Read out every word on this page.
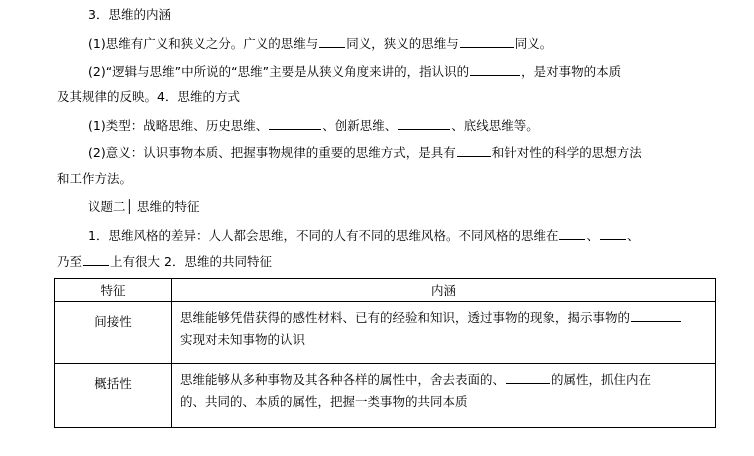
3．思维的内涵
(1)思维有广义和狭义之分。广义的思维与 同义，狭义的思维与	同义。
(2)“逻辑与思维”中所说的“思维”主要是从狭义角度来讲的，指认识的	，是对事物的本质
及其规律的反映。4．思维的方式
(1)类型：战略思维、历史思维、	、创新思维、	、底线思维等。
(2)意义：认识事物本质、把握事物规律的重要的思维方式，是具有	和针对性的科学的思想方法
和工作方法。
议题二│ 思维的特征
1．思维风格的差异：人人都会思维，不同的人有不同的思维风格。不同风格的思维在 、 、
乃至 上有很大 2．思维的共同特征
特征	内涵
间接性	思维能够凭借获得的感性材料、已有的经验和知识，透过事物的现象，揭示事物的
实现对未知事物的认识

概括性	思维能够从多种事物及其各种各样的属性中，舍去表面的、 的属性，抓住内在
的、共同的、本质的属性，把握一类事物的共同本质
